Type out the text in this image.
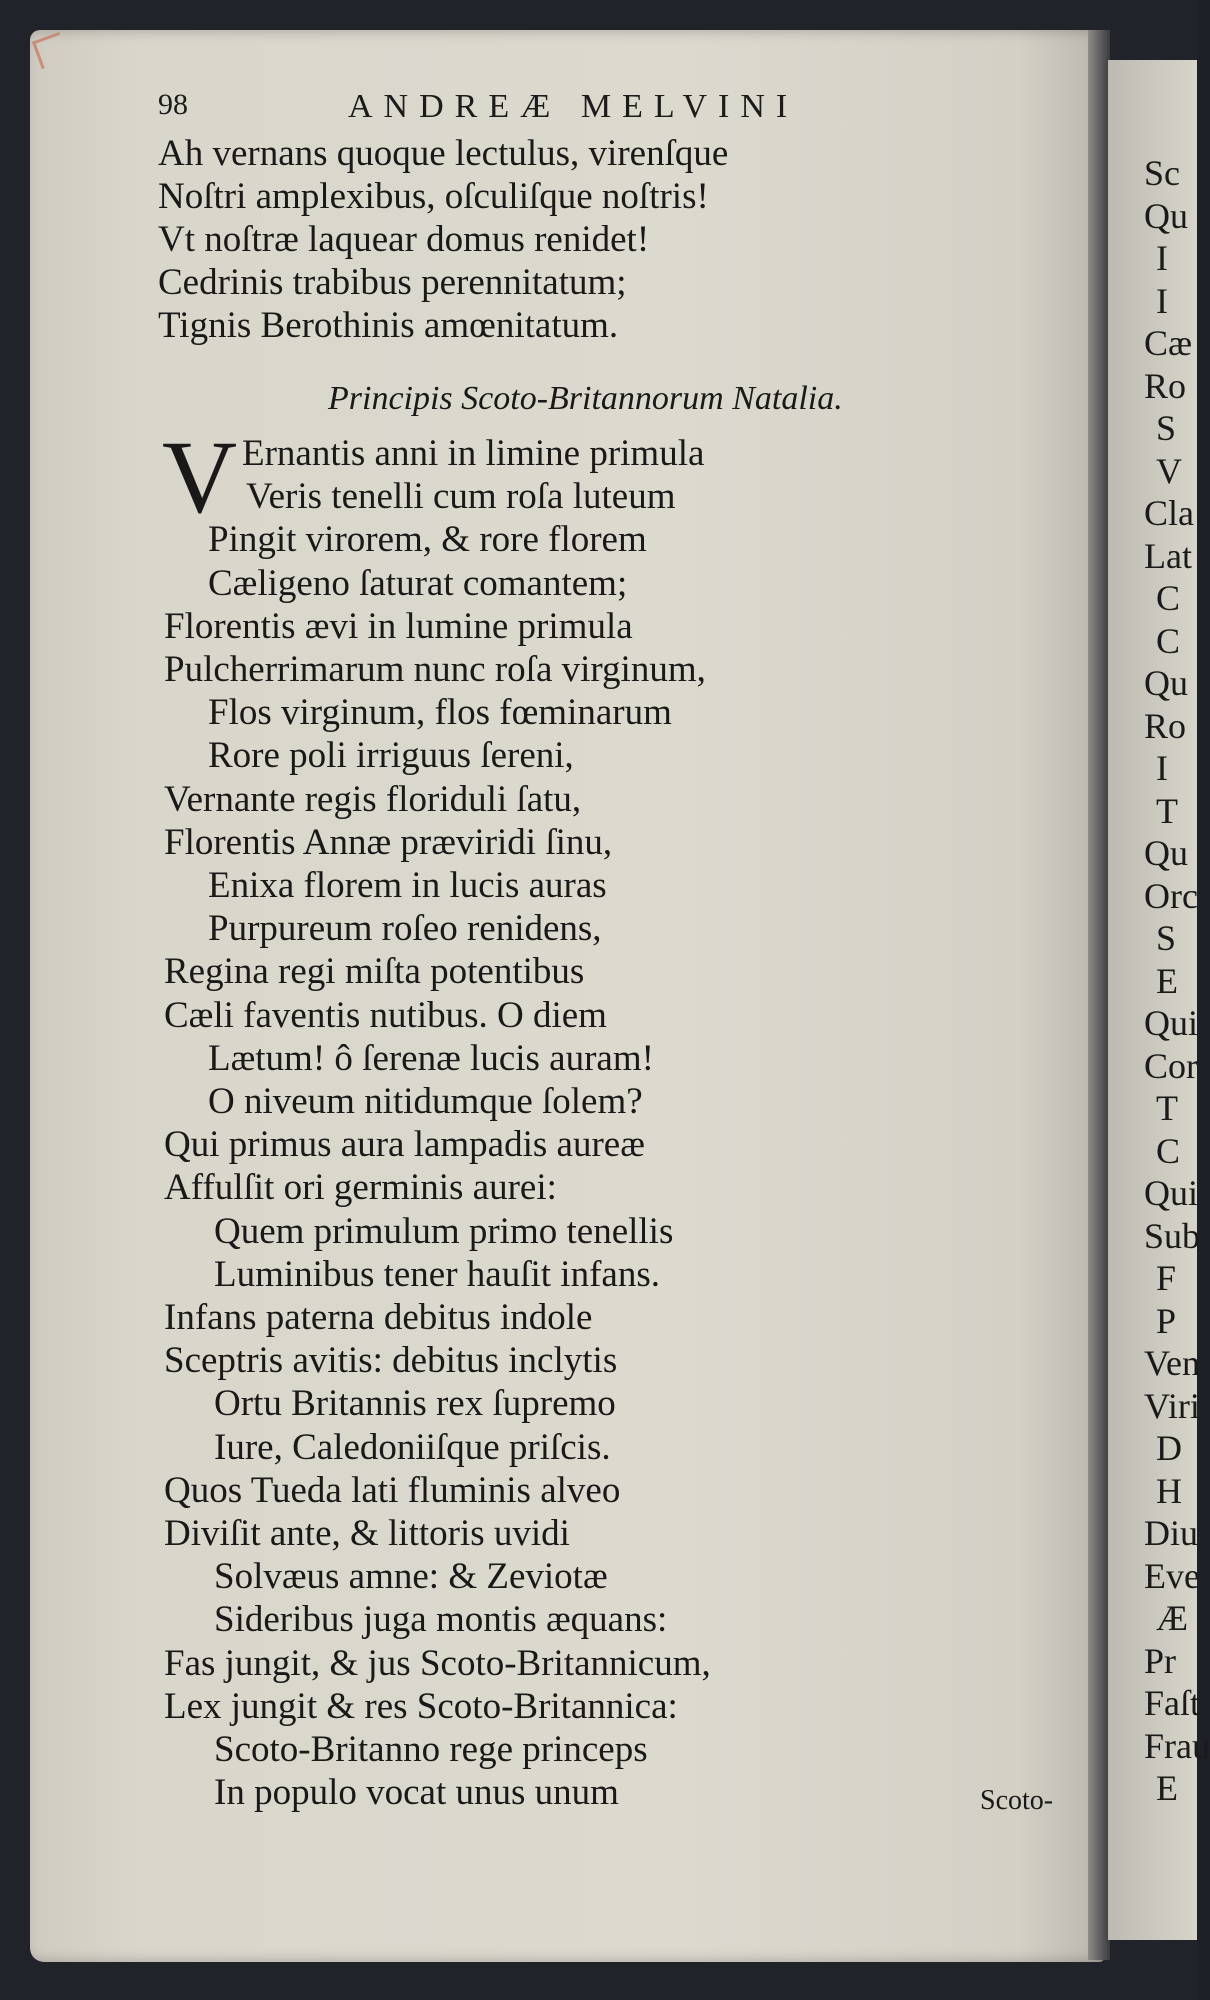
Sc
Qu
I
I
Cæ
Ro
S
V
Cla
Lat
C
C
Qu
Ro
I
T
Qu
Orc
S
E
Qui
Cor
T
C
Qui
Sub
F
P
Ven
Viri
D
H
Diu
Eve
Æ
Pr
Faſt
Frau
E
98	ANDREÆ MELVINI
Ah vernans quoque lectulus, virenſque
Noſtri amplexibus, oſculiſque noſtris!
Vt noſtræ laquear domus renidet!
Cedrinis trabibus perennitatum;
Tignis Berothinis amœnitatum.
Principis Scoto-Britannorum Natalia.
V Ernantis anni in limine primula
Veris tenelli cum roſa luteum
Pingit virorem, & rore florem
Cæligeno ſaturat comantem;
Florentis ævi in lumine primula
Pulcherrimarum nunc roſa virginum,
Flos virginum, flos fœminarum
Rore poli irriguus ſereni,
Vernante regis floriduli ſatu,
Florentis Annæ præviridi ſinu,
Enixa florem in lucis auras
Purpureum roſeo renidens,
Regina regi miſta potentibus
Cæli faventis nutibus. O diem
Lætum! ô ſerenæ lucis auram!
O niveum nitidumque ſolem?
Qui primus aura lampadis aureæ
Affulſit ori germinis aurei:
Quem primulum primo tenellis
Luminibus tener hauſit infans.
Infans paterna debitus indole
Sceptris avitis: debitus inclytis
Ortu Britannis rex ſupremo
Iure, Caledoniiſque priſcis.
Quos Tueda lati fluminis alveo
Diviſit ante, & littoris uvidi
Solvæus amne: & Zeviotæ
Sideribus juga montis æquans:
Fas jungit, & jus Scoto-Britannicum,
Lex jungit & res Scoto-Britannica:
Scoto-Britanno rege princeps
In populo vocat unus unum	Scoto-
